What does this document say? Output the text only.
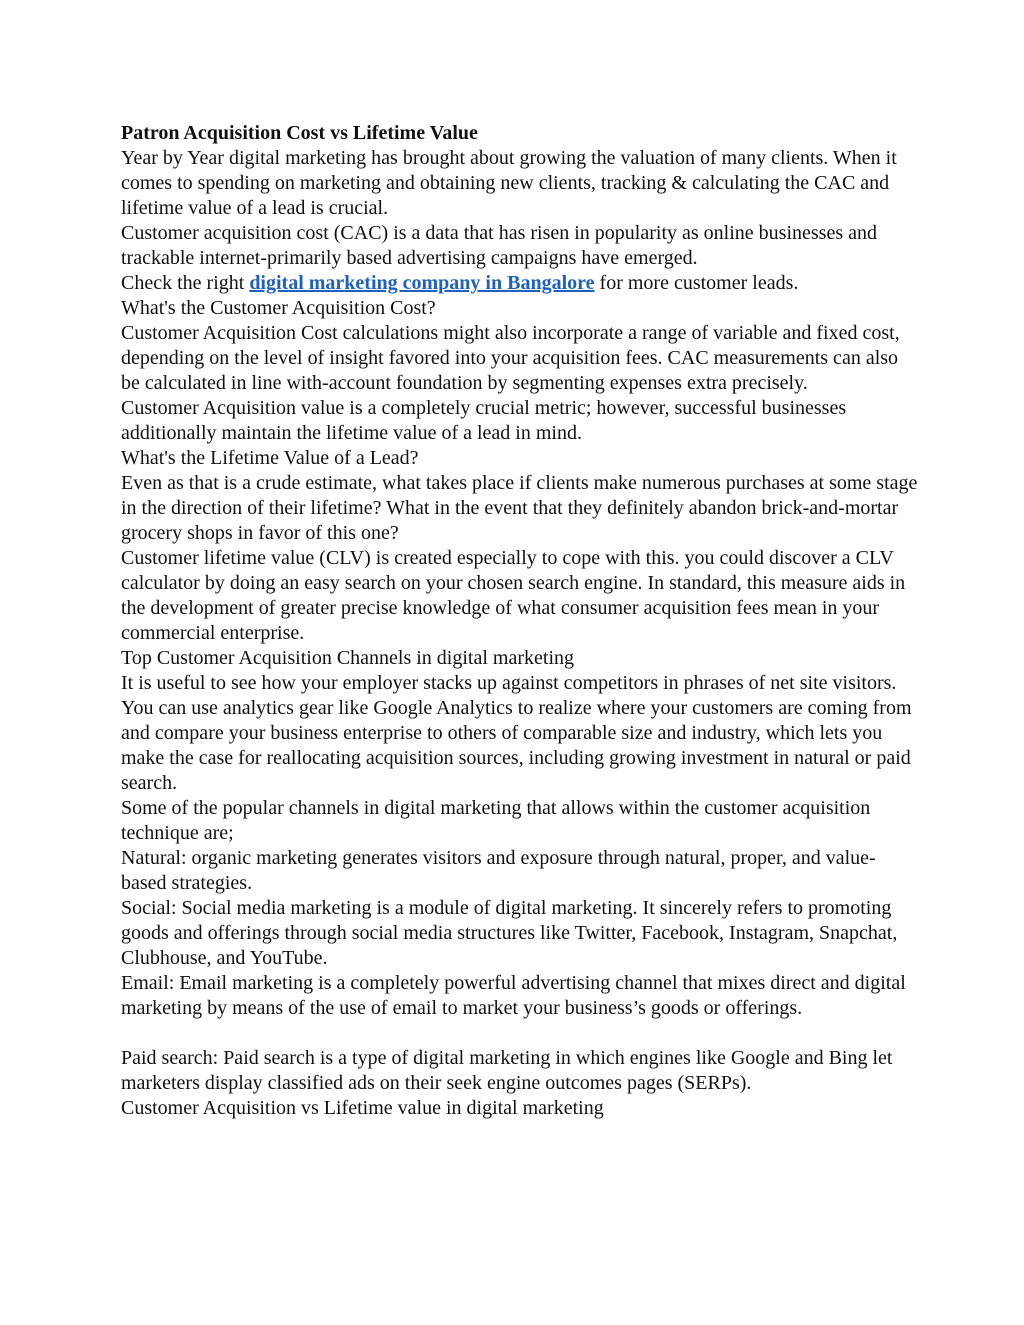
Patron Acquisition Cost vs Lifetime Value

Year by Year digital marketing has brought about growing the valuation of many clients. When it comes to spending on marketing and obtaining new clients, tracking & calculating the CAC and lifetime value of a lead is crucial.

Customer acquisition cost (CAC) is a data that has risen in popularity as online businesses and trackable internet-primarily based advertising campaigns have emerged.

Check the right digital marketing company in Bangalore for more customer leads.

What's the Customer Acquisition Cost?

Customer Acquisition Cost calculations might also incorporate a range of variable and fixed cost, depending on the level of insight favored into your acquisition fees. CAC measurements can also be calculated in line with-account foundation by segmenting expenses extra precisely.

Customer Acquisition value is a completely crucial metric; however, successful businesses additionally maintain the lifetime value of a lead in mind.

What's the Lifetime Value of a Lead?

Even as that is a crude estimate, what takes place if clients make numerous purchases at some stage in the direction of their lifetime? What in the event that they definitely abandon brick-and-mortar grocery shops in favor of this one?

Customer lifetime value (CLV) is created especially to cope with this. you could discover a CLV calculator by doing an easy search on your chosen search engine. In standard, this measure aids in the development of greater precise knowledge of what consumer acquisition fees mean in your commercial enterprise.

Top Customer Acquisition Channels in digital marketing

It is useful to see how your employer stacks up against competitors in phrases of net site visitors. You can use analytics gear like Google Analytics to realize where your customers are coming from and compare your business enterprise to others of comparable size and industry, which lets you make the case for reallocating acquisition sources, including growing investment in natural or paid search.

Some of the popular channels in digital marketing that allows within the customer acquisition technique are;

Natural: organic marketing generates visitors and exposure through natural, proper, and value-based strategies.

Social: Social media marketing is a module of digital marketing. It sincerely refers to promoting goods and offerings through social media structures like Twitter, Facebook, Instagram, Snapchat, Clubhouse, and YouTube.

Email: Email marketing is a completely powerful advertising channel that mixes direct and digital marketing by means of the use of email to market your business’s goods or offerings.

Paid search: Paid search is a type of digital marketing in which engines like Google and Bing let marketers display classified ads on their seek engine outcomes pages (SERPs).

Customer Acquisition vs Lifetime value in digital marketing
